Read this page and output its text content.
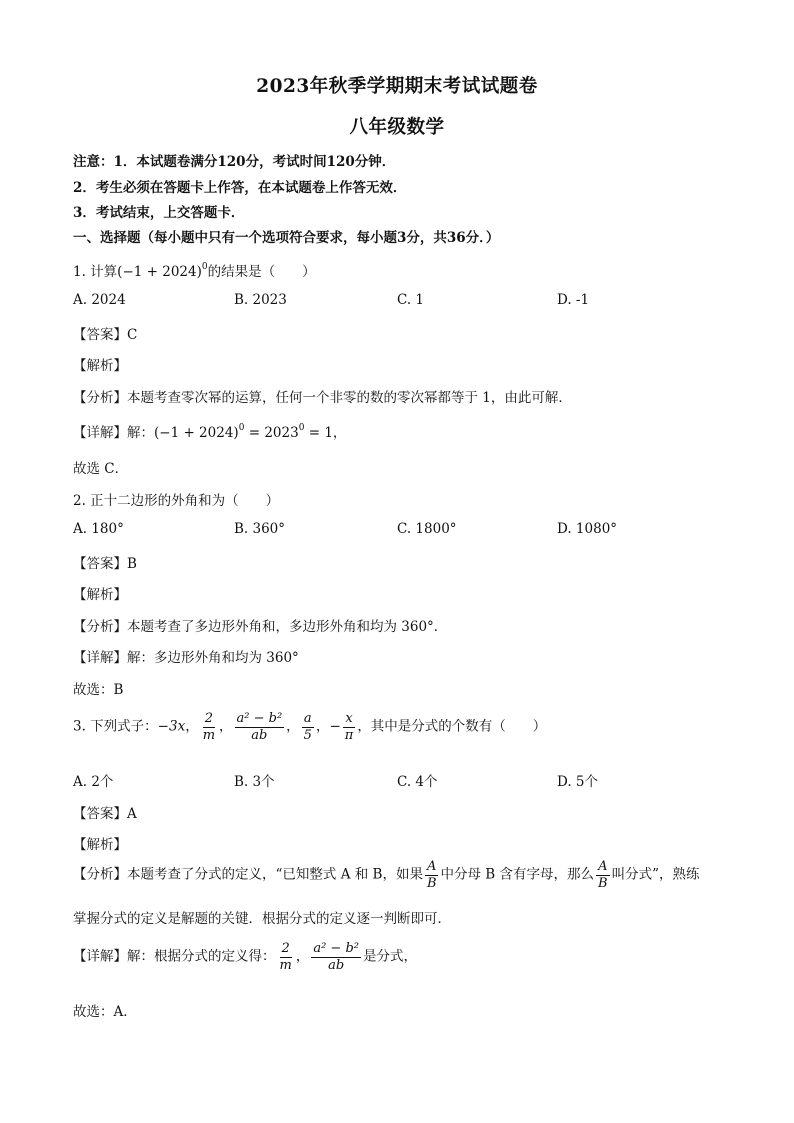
2023年秋季学期期末考试试题卷
八年级数学
注意：1．本试题卷满分120分，考试时间120分钟．
2．考生必须在答题卡上作答，在本试题卷上作答无效．
3．考试结束，上交答题卡．
一、选择题（每小题中只有一个选项符合要求，每小题3分，共36分．）
1. 计算$(-1 + 2024)^0$的结果是（　　）
A. 2024	B. 2023	C. 1	D. -1
【答案】C
【解析】
【分析】本题考查零次幂的运算，任何一个非零的数的零次幂都等于 1，由此可解．
【详解】解：$(-1 + 2024)^0 = 2023^0 = 1$，
故选 C．
2. 正十二边形的外角和为（　　）
A. 180°	B. 360°	C. 1800°	D. 1080°
【答案】B
【解析】
【分析】本题考查了多边形外角和，多边形外角和均为 360°．
【详解】解：多边形外角和均为 360°
故选：B
3. 下列式子：−3x， $\frac{2}{m}$ ， $\frac{\text{a² − b²}}{ab}$ ， $\frac{a}{5}$ ，− $\frac{x}{\pi}$ ，其中是分式的个数有（　　）
A. 2个	B. 3个	C. 4个	D. 5个
【答案】A
【解析】
【分析】本题考查了分式的定义，“已知整式 A 和 B，如果 $\frac{A}{B}$ 中分母 B 含有字母，那么 $\frac{A}{B}$ 叫分式”，熟练
掌握分式的定义是解题的关键．根据分式的定义逐一判断即可．
【详解】解：根据分式的定义得： $\frac{2}{m}$ ， $\frac{\text{a² − b²}}{ab}$ 是分式，
故选：A．
